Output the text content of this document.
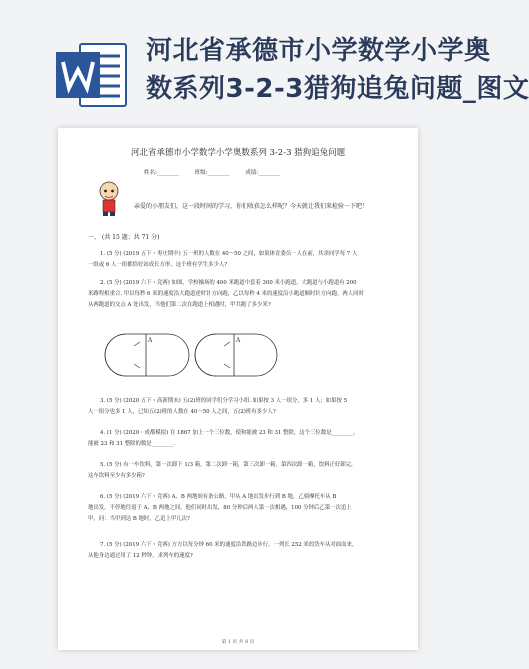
河北省承德市小学数学小学奥
数系列3-2-3猎狗追兔问题_图文
河北省承德市小学数学小学奥数系列 3-2-3 猎狗追兔问题
姓名:________	班级:________	成绩:________
亲爱的小朋友们，这一段时间的学习，你们收获怎么样呢？今天就让我们来检验一下吧！
一、 (共 15 题；共 71 分)

1. (5 分) (2019 五下・枣庄期中) 五一班的人数在 40～50 之间，如果体育委员一人在前，其余同学每 7 人

一组或 6 人一组都恰好站成长方形，这个班有学生多少人?

2. (5 分) (2019 六下・竞赛) 如图，学校操场的 400 米跑道中套着 300 米小跑道，大跑道与小跑道有 200

米路程相重合. 甲以每秒 6 米的速度沿大跑道逆时针方向跑，乙以每秒 4 米的速度沿小跑道顺时针方向跑，两人同时

从两跑道的交点 A 处出发，当他们第二次在跑道上相遇时，甲共跑了多少米?

A	A

3. (5 分) (2020 五下・高新期末) 五(2)班的同学们分学习小组. 如果按 3 人一组分，多 1 人；如果按 5

人一组分也多 1 人，已知五(2)班的人数在 40～50 人之间，五(2)班有多少人?

4. (1 分) (2020・成都模拟) 在 1867 加上一个三位数，使和能被 23 和 31 整除，这个三位数是________，

能被 23 和 31 整除的数是________.

5. (5 分) 有一车饮料，第一次卸下 1/3 箱，第二次卸一箱，第三次卸一箱，第四次卸一箱，饮料正好卸完，

这车饮料至少有多少箱?

6. (5 分) (2019 六下・竞赛) A、B 两地间有条公路，甲从 A 地出发步行到 B 地，乙骑摩托车从 B

地出发，不停地往返于 A、B 两地之间，他们同时出发，80 分钟后两人第一次相遇，100 分钟后乙第一次追上

甲，问：当甲到达 B 地时，乙追上甲几次?

7. (5 分) (2019 六下・竞赛) 方方以每分钟 60 米的速度沿铁路边步行，一列长 252 米的货车从对面而来，

从他身边通过用了 12 秒钟，求列车的速度?

第 1 页 共 8 页
